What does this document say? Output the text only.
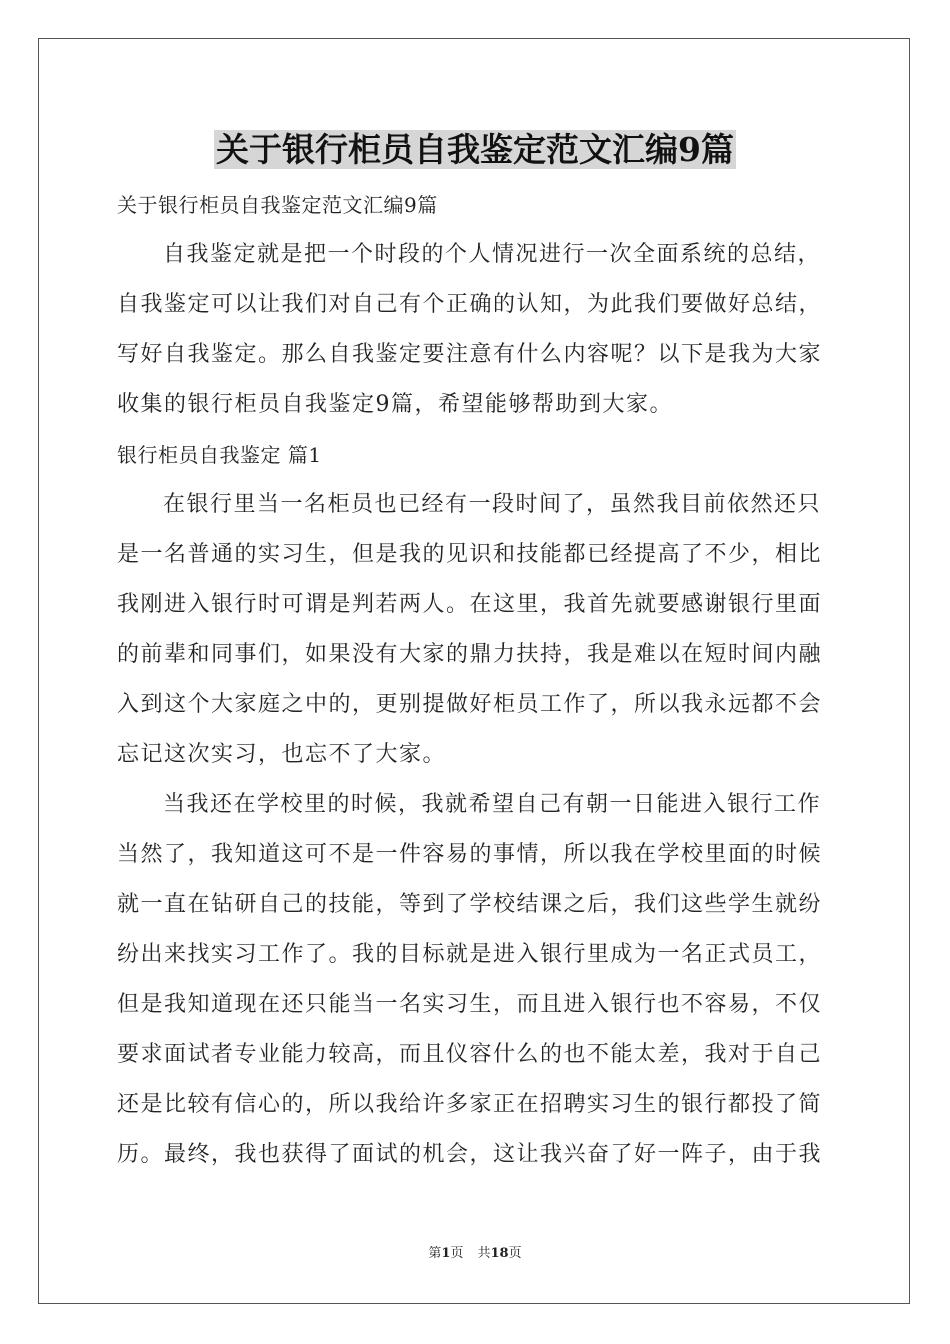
关于银行柜员自我鉴定范文汇编9篇
关于银行柜员自我鉴定范文汇编9篇
自我鉴定就是把一个时段的个人情况进行一次全面系统的总结，
自我鉴定可以让我们对自己有个正确的认知，为此我们要做好总结，
写好自我鉴定。那么自我鉴定要注意有什么内容呢？以下是我为大家
收集的银行柜员自我鉴定9篇，希望能够帮助到大家。
银行柜员自我鉴定 篇1
在银行里当一名柜员也已经有一段时间了，虽然我目前依然还只
是一名普通的实习生，但是我的见识和技能都已经提高了不少，相比
我刚进入银行时可谓是判若两人。在这里，我首先就要感谢银行里面
的前辈和同事们，如果没有大家的鼎力扶持，我是难以在短时间内融
入到这个大家庭之中的，更别提做好柜员工作了，所以我永远都不会
忘记这次实习，也忘不了大家。
当我还在学校里的时候，我就希望自己有朝一日能进入银行工作
当然了，我知道这可不是一件容易的事情，所以我在学校里面的时候
就一直在钻研自己的技能，等到了学校结课之后，我们这些学生就纷
纷出来找实习工作了。我的目标就是进入银行里成为一名正式员工，
但是我知道现在还只能当一名实习生，而且进入银行也不容易，不仅
要求面试者专业能力较高，而且仪容什么的也不能太差，我对于自己
还是比较有信心的，所以我给许多家正在招聘实习生的银行都投了简
历。最终，我也获得了面试的机会，这让我兴奋了好一阵子，由于我
第1页 共18页
